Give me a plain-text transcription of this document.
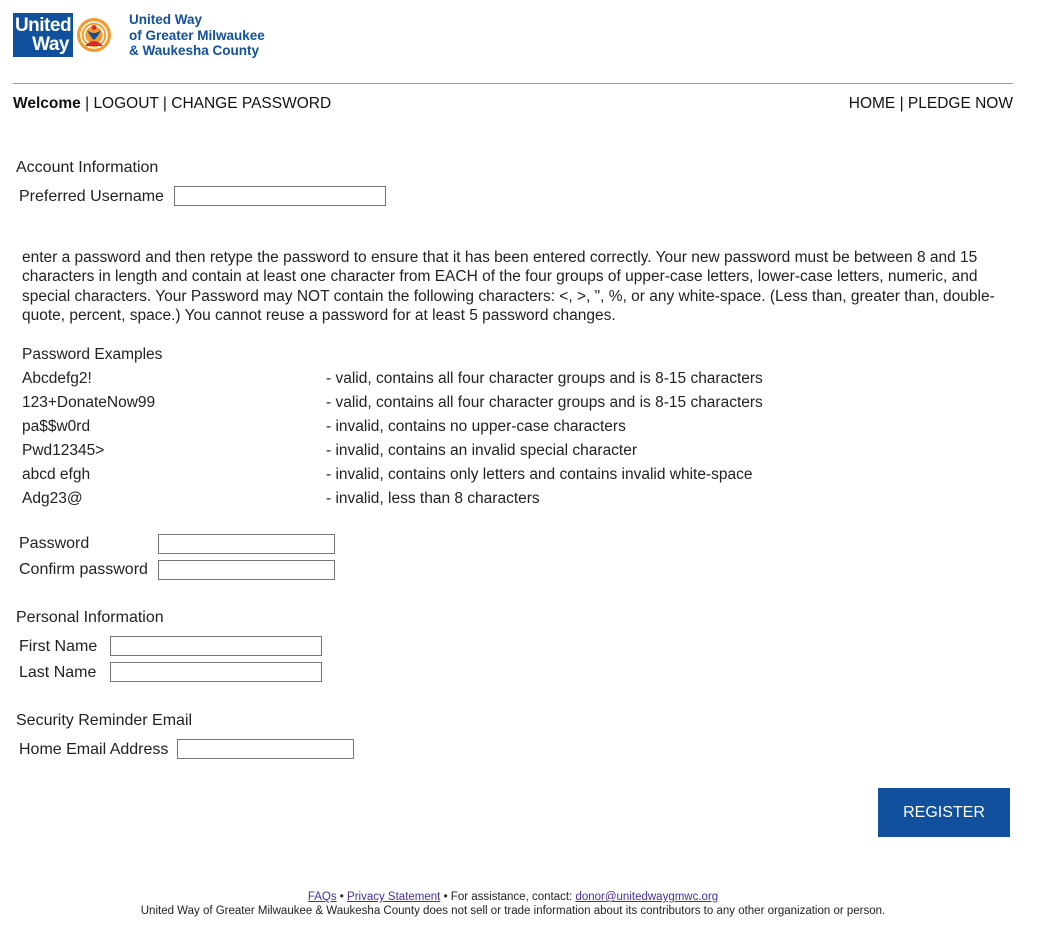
United
Way
United Way
of Greater Milwaukee
& Waukesha County
Welcome | LOGOUT | CHANGE PASSWORD	HOME | PLEDGE NOW
Account Information
Preferred Username
enter a password and then retype the password to ensure that it has been entered correctly. Your new password must be between 8 and 15 characters in length and contain at least one character from EACH of the four groups of upper-case letters, lower-case letters, numeric, and special characters. Your Password may NOT contain the following characters: <, >, ", %, or any white-space. (Less than, greater than, double-quote, percent, space.) You cannot reuse a password for at least 5 password changes.
Password Examples
Abcdefg2!	- valid, contains all four character groups and is 8-15 characters
123+DonateNow99	- valid, contains all four character groups and is 8-15 characters
pa$$w0rd	- invalid, contains no upper-case characters
Pwd12345>	- invalid, contains an invalid special character
abcd efgh	- invalid, contains only letters and contains invalid white-space
Adg23@	- invalid, less than 8 characters
Password
Confirm password
Personal Information
First Name
Last Name
Security Reminder Email
Home Email Address
REGISTER
FAQs • Privacy Statement • For assistance, contact: donor@unitedwaygmwc.org
United Way of Greater Milwaukee & Waukesha County does not sell or trade information about its contributors to any other organization or person.
